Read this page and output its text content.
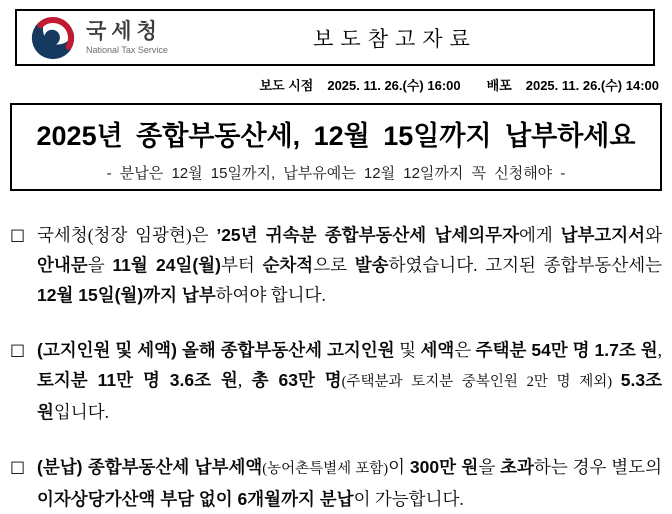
국세청
National Tax Service	보도참고자료
보도 시점 2025. 11. 26.(수) 16:00 배포 2025. 11. 26.(수) 14:00
2025년 종합부동산세, 12월 15일까지 납부하세요
- 분납은 12월 15일까지, 납부유예는 12월 12일까지 꼭 신청해야 -
□ 국세청(청장 임광현)은 ’25년 귀속분 종합부동산세 납세의무자에게 납부고지서와 안내문을 11월 24일(월)부터 순차적으로 발송하였습니다. 고지된 종합부동산세는 12월 15일(월)까지 납부하여야 합니다.
□ (고지인원 및 세액) 올해 종합부동산세 고지인원 및 세액은 주택분 54만 명 1.7조 원, 토지분 11만 명 3.6조 원, 총 63만 명(주택분과 토지분 중복인원 2만 명 제외) 5.3조 원입니다.
□ (분납) 종합부동산세 납부세액(농어촌특별세 포함)이 300만 원을 초과하는 경우 별도의 이자상당가산액 부담 없이 6개월까지 분납이 가능합니다.
